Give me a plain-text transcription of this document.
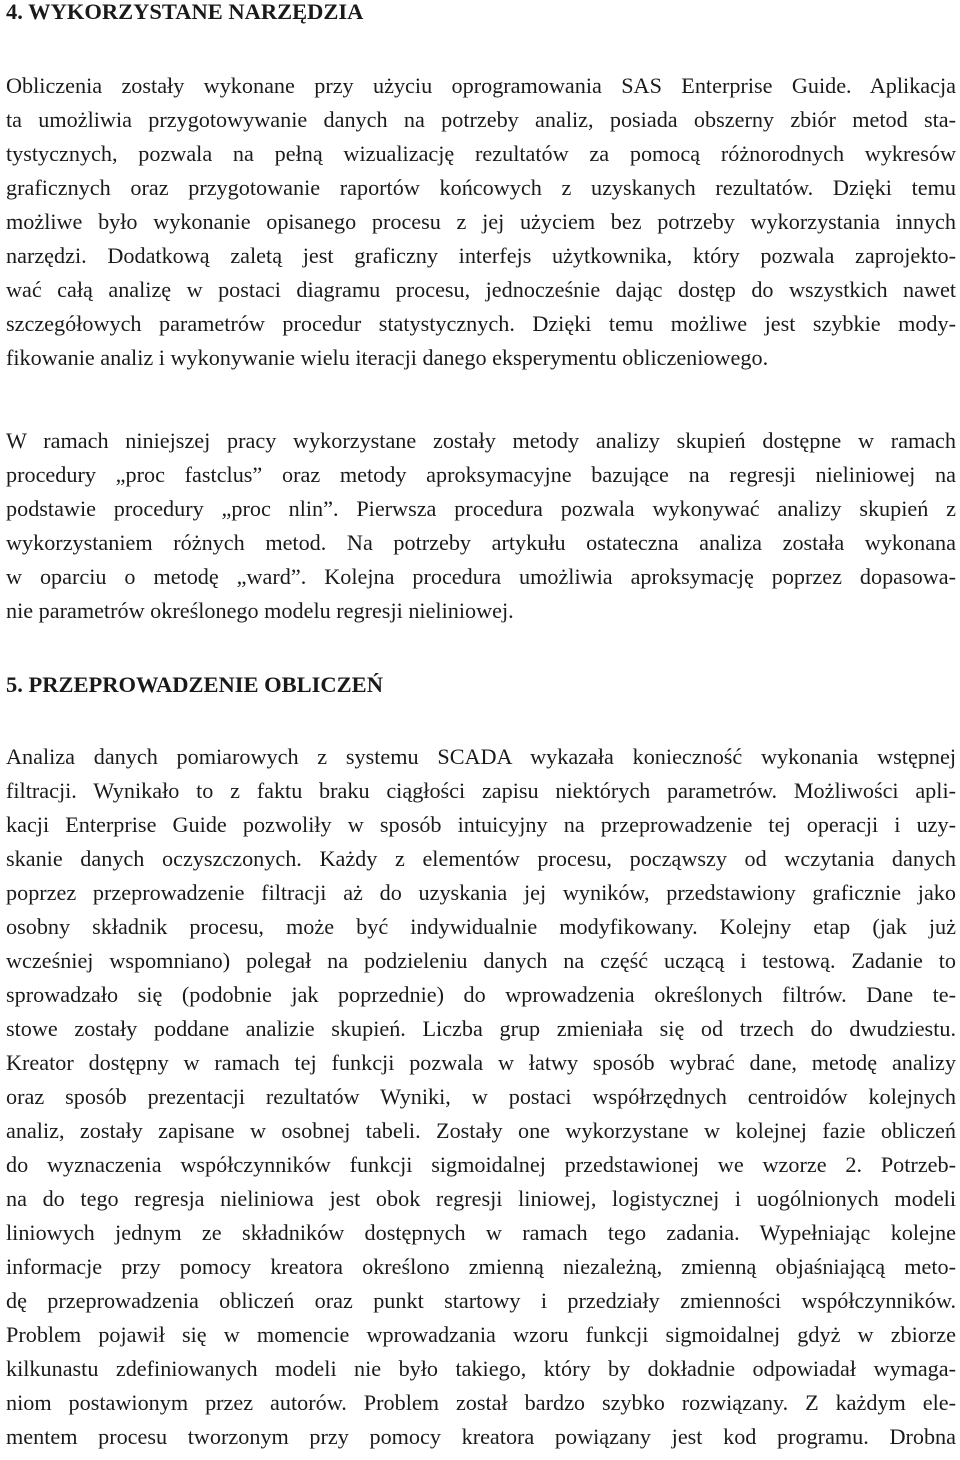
4. WYKORZYSTANE NARZĘDZIA
Obliczenia zostały wykonane przy użyciu oprogramowania SAS Enterprise Guide. Aplikacja
ta umożliwia przygotowywanie danych na potrzeby analiz, posiada obszerny zbiór metod sta-
tystycznych, pozwala na pełną wizualizację rezultatów za pomocą różnorodnych wykresów
graficznych oraz przygotowanie raportów końcowych z uzyskanych rezultatów. Dzięki temu
możliwe było wykonanie opisanego procesu z jej użyciem bez potrzeby wykorzystania innych
narzędzi. Dodatkową zaletą jest graficzny interfejs użytkownika, który pozwala zaprojekto-
wać całą analizę w postaci diagramu procesu, jednocześnie dając dostęp do wszystkich nawet
szczegółowych parametrów procedur statystycznych. Dzięki temu możliwe jest szybkie mody-
fikowanie analiz i wykonywanie wielu iteracji danego eksperymentu obliczeniowego.
W ramach niniejszej pracy wykorzystane zostały metody analizy skupień dostępne w ramach
procedury „proc fastclus” oraz metody aproksymacyjne bazujące na regresji nieliniowej na
podstawie procedury „proc nlin”. Pierwsza procedura pozwala wykonywać analizy skupień z
wykorzystaniem różnych metod. Na potrzeby artykułu ostateczna analiza została wykonana
w oparciu o metodę „ward”. Kolejna procedura umożliwia aproksymację poprzez dopasowa-
nie parametrów określonego modelu regresji nieliniowej.
5. PRZEPROWADZENIE OBLICZEŃ
Analiza danych pomiarowych z systemu SCADA wykazała konieczność wykonania wstępnej
filtracji. Wynikało to z faktu braku ciągłości zapisu niektórych parametrów. Możliwości apli-
kacji Enterprise Guide pozwoliły w sposób intuicyjny na przeprowadzenie tej operacji i uzy-
skanie danych oczyszczonych. Każdy z elementów procesu, począwszy od wczytania danych
poprzez przeprowadzenie filtracji aż do uzyskania jej wyników, przedstawiony graficznie jako
osobny składnik procesu, może być indywidualnie modyfikowany. Kolejny etap (jak już
wcześniej wspomniano) polegał na podzieleniu danych na część uczącą i testową. Zadanie to
sprowadzało się (podobnie jak poprzednie) do wprowadzenia określonych filtrów. Dane te-
stowe zostały poddane analizie skupień. Liczba grup zmieniała się od trzech do dwudziestu.
Kreator dostępny w ramach tej funkcji pozwala w łatwy sposób wybrać dane, metodę analizy
oraz sposób prezentacji rezultatów Wyniki, w postaci współrzędnych centroidów kolejnych
analiz, zostały zapisane w osobnej tabeli. Zostały one wykorzystane w kolejnej fazie obliczeń
do wyznaczenia współczynników funkcji sigmoidalnej przedstawionej we wzorze 2. Potrzeb-
na do tego regresja nieliniowa jest obok regresji liniowej, logistycznej i uogólnionych modeli
liniowych jednym ze składników dostępnych w ramach tego zadania. Wypełniając kolejne
informacje przy pomocy kreatora określono zmienną niezależną, zmienną objaśniającą meto-
dę przeprowadzenia obliczeń oraz punkt startowy i przedziały zmienności współczynników.
Problem pojawił się w momencie wprowadzania wzoru funkcji sigmoidalnej gdyż w zbiorze
kilkunastu zdefiniowanych modeli nie było takiego, który by dokładnie odpowiadał wymaga-
niom postawionym przez autorów. Problem został bardzo szybko rozwiązany. Z każdym ele-
mentem procesu tworzonym przy pomocy kreatora powiązany jest kod programu. Drobna
